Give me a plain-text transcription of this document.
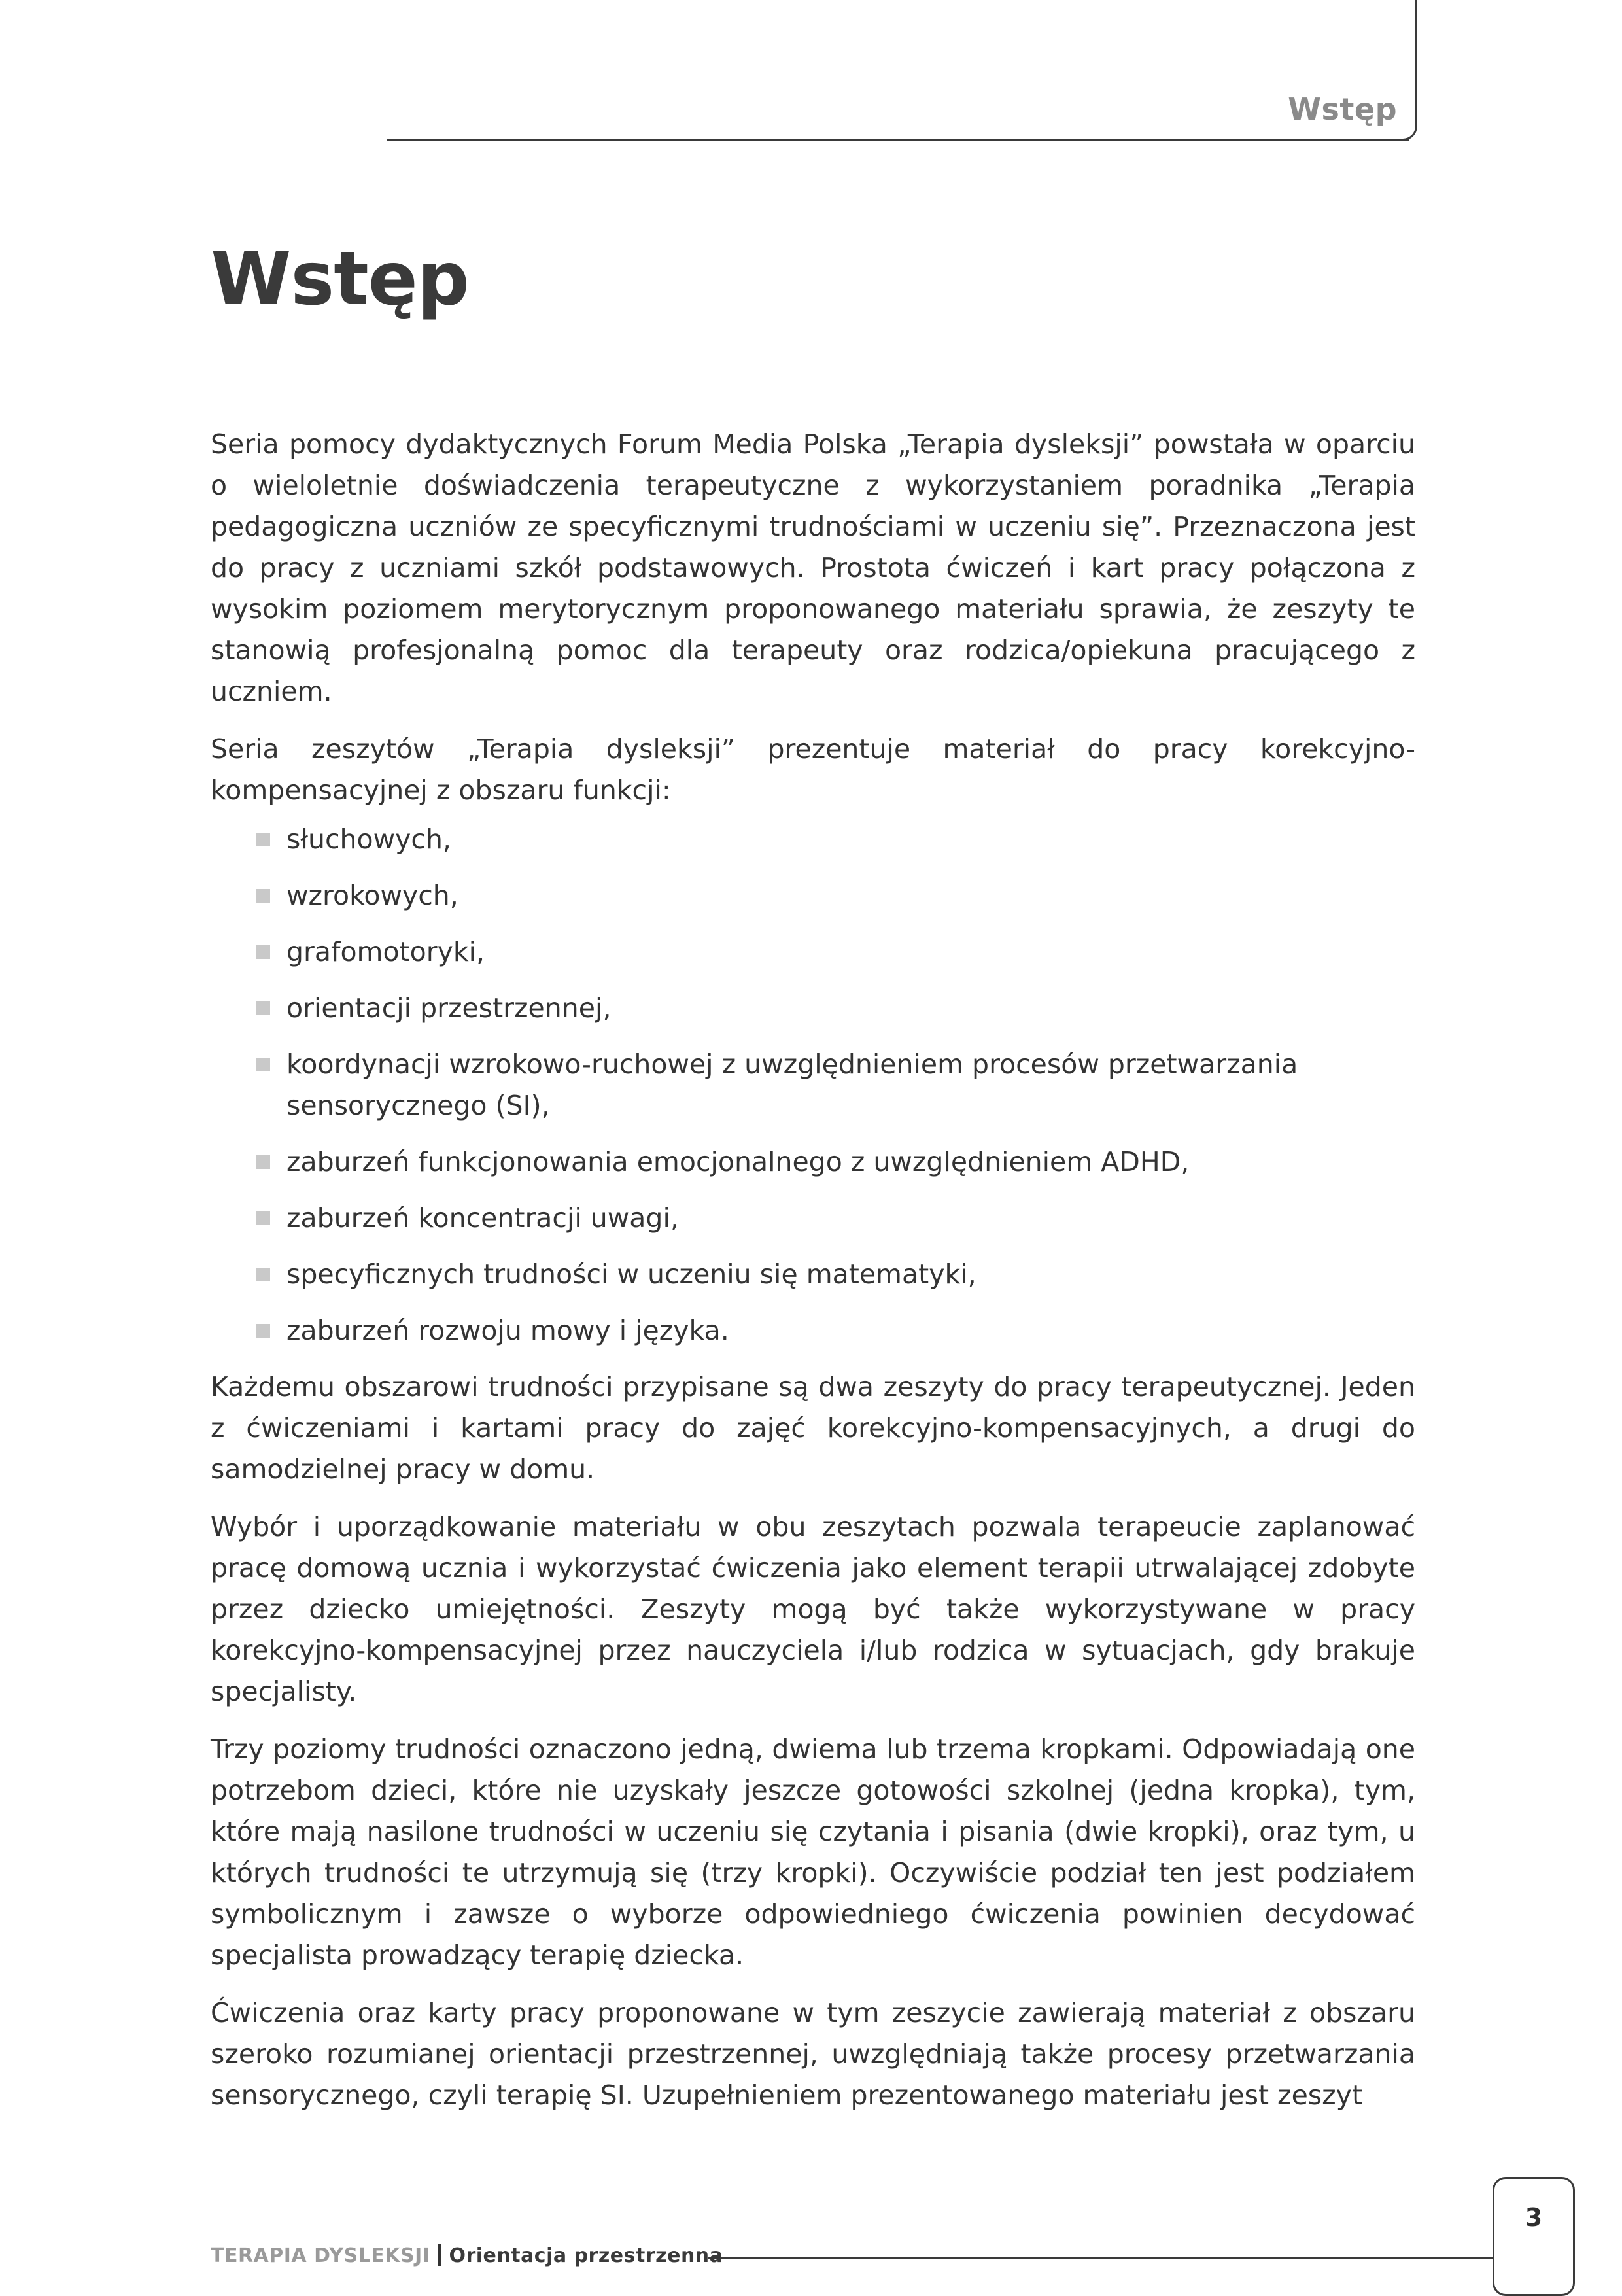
Wstęp
Wstęp

Seria pomocy dydaktycznych Forum Media Polska „Terapia dysleksji” powstała w oparciu o wieloletnie doświadczenia terapeutyczne z wykorzystaniem poradnika „Terapia pedagogiczna uczniów ze specyficznymi trudnościami w uczeniu się”. Przeznaczona jest do pracy z uczniami szkół podstawowych. Prostota ćwiczeń i kart pracy połączona z wysokim poziomem merytorycznym proponowanego materiału sprawia, że zeszyty te stanowią profesjonalną pomoc dla terapeuty oraz rodzica/opiekuna pracującego z uczniem.

Seria zeszytów „Terapia dysleksji” prezentuje materiał do pracy korekcyjno-kompensacyjnej z obszaru funkcji:

słuchowych,
wzrokowych,
grafomotoryki,
orientacji przestrzennej,
koordynacji wzrokowo-ruchowej z uwzględnieniem procesów przetwarzania sensorycznego (SI),
zaburzeń funkcjonowania emocjonalnego z uwzględnieniem ADHD,
zaburzeń koncentracji uwagi,
specyficznych trudności w uczeniu się matematyki,
zaburzeń rozwoju mowy i języka.

Każdemu obszarowi trudności przypisane są dwa zeszyty do pracy terapeutycznej. Jeden z ćwiczeniami i kartami pracy do zajęć korekcyjno-kompensacyjnych, a drugi do samodzielnej pracy w domu.

Wybór i uporządkowanie materiału w obu zeszytach pozwala terapeucie zaplanować pracę domową ucznia i wykorzystać ćwiczenia jako element terapii utrwalającej zdobyte przez dziecko umiejętności. Zeszyty mogą być także wykorzystywane w pracy korekcyjno-kompensacyjnej przez nauczyciela i/lub rodzica w sytuacjach, gdy brakuje specjalisty.

Trzy poziomy trudności oznaczono jedną, dwiema lub trzema kropkami. Odpowiadają one potrzebom dzieci, które nie uzyskały jeszcze gotowości szkolnej (jedna kropka), tym, które mają nasilone trudności w uczeniu się czytania i pisania (dwie kropki), oraz tym, u których trudności te utrzymują się (trzy kropki). Oczywiście podział ten jest podziałem symbolicznym i zawsze o wyborze odpowiedniego ćwiczenia powinien decydować specjalista prowadzący terapię dziecka.

Ćwiczenia oraz karty pracy proponowane w tym zeszycie zawierają materiał z obszaru szeroko rozumianej orientacji przestrzennej, uwzględniają także procesy przetwarzania sensorycznego, czyli terapię SI. Uzupełnieniem prezentowanego materiału jest zeszyt

TERAPIA DYSLEKSJI Orientacja przestrzenna
3
